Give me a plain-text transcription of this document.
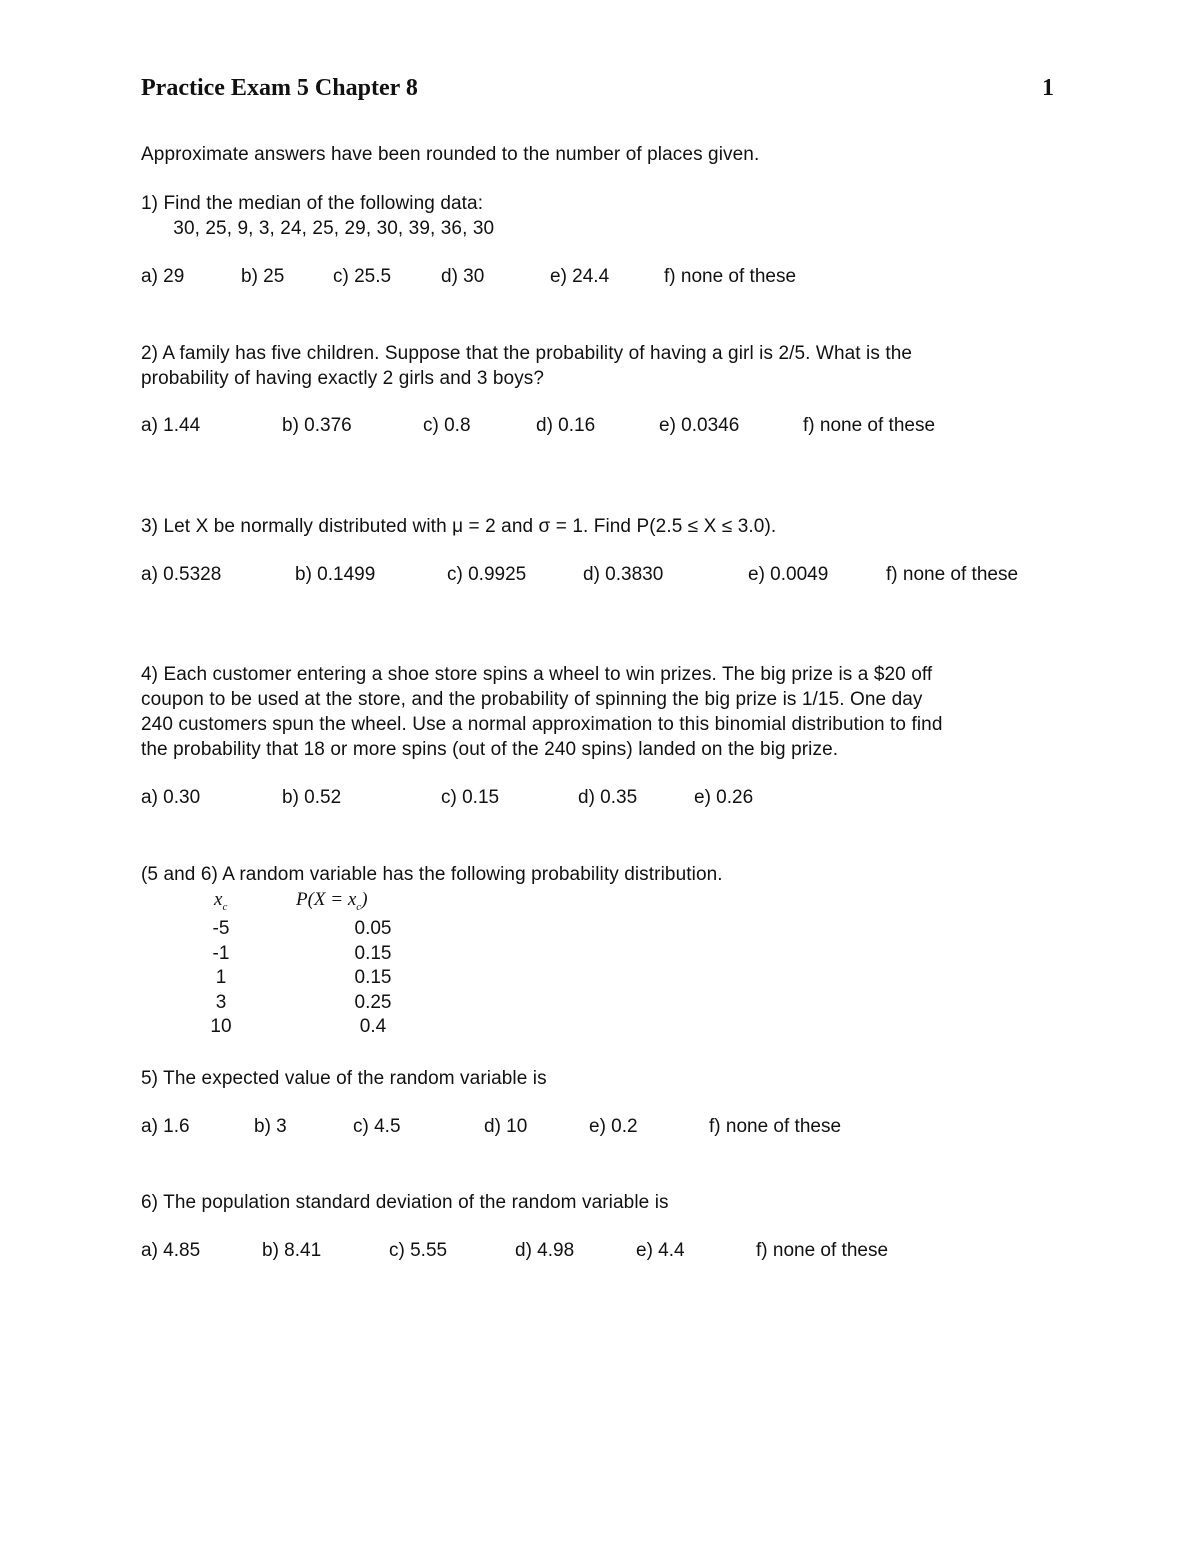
Practice Exam 5 Chapter 8	1
Approximate answers have been rounded to the number of places given.
1) Find the median of the following data:
30, 25, 9, 3, 24, 25, 29, 30, 39, 36, 30
a) 29	b) 25	c) 25.5	d) 30	e) 24.4	f) none of these
2) A family has five children. Suppose that the probability of having a girl is 2/5. What is the
probability of having exactly 2 girls and 3 boys?
a) 1.44	b) 0.376	c) 0.8	d) 0.16	e) 0.0346	f) none of these
3) Let X be normally distributed with μ = 2 and σ = 1. Find P(2.5 ≤ X ≤ 3.0).
a) 0.5328	b) 0.1499	c) 0.9925	d) 0.3830	e) 0.0049	f) none of these
4) Each customer entering a shoe store spins a wheel to win prizes. The big prize is a $20 off
coupon to be used at the store, and the probability of spinning the big prize is 1/15. One day
240 customers spun the wheel. Use a normal approximation to this binomial distribution to find
the probability that 18 or more spins (out of the 240 spins) landed on the big prize.
a) 0.30	b) 0.52	c) 0.15	d) 0.35	e) 0.26
(5 and 6) A random variable has the following probability distribution.
$x_c$	$P(X = x_c)$
-5	0.05
-1	0.15
1	0.15
3	0.25
10	0.4
5) The expected value of the random variable is
a) 1.6	b) 3	c) 4.5	d) 10	e) 0.2	f) none of these
6) The population standard deviation of the random variable is
a) 4.85	b) 8.41	c) 5.55	d) 4.98	e) 4.4	f) none of these
